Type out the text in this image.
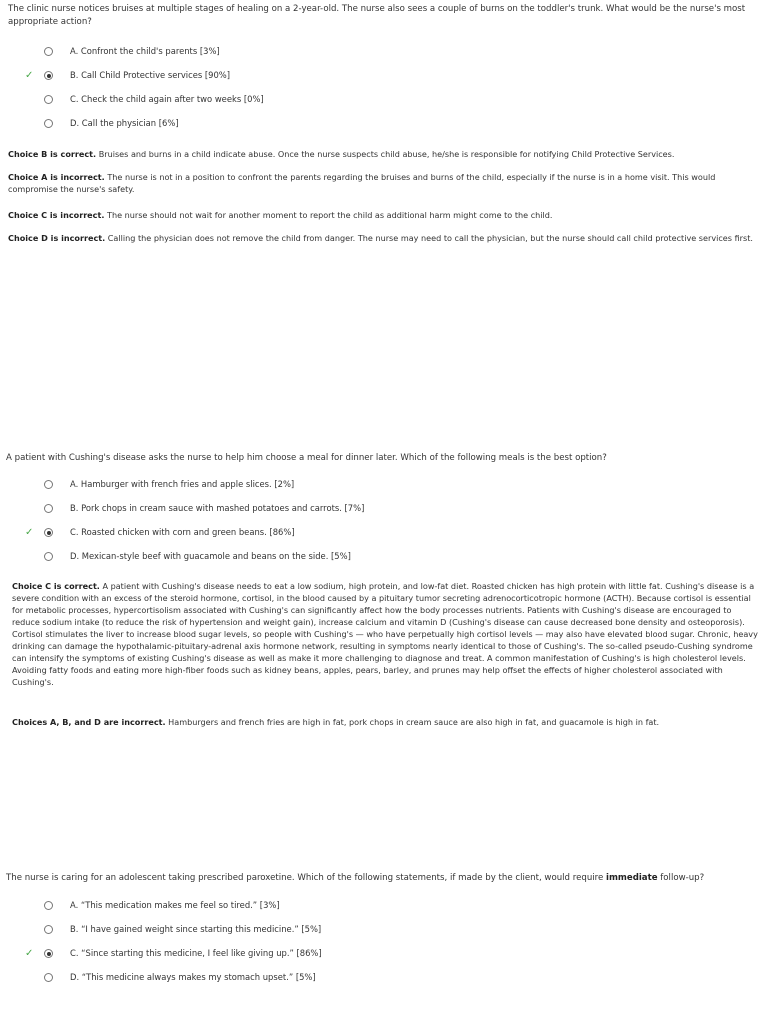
The clinic nurse notices bruises at multiple stages of healing on a 2-year-old. The nurse also sees a couple of burns on the toddler's trunk. What would be the nurse's most appropriate action?
A. Confront the child's parents [3%]
✓	B. Call Child Protective services [90%]
C. Check the child again after two weeks [0%]
D. Call the physician [6%]
Choice B is correct. Bruises and burns in a child indicate abuse. Once the nurse suspects child abuse, he/she is responsible for notifying Child Protective Services.
Choice A is incorrect. The nurse is not in a position to confront the parents regarding the bruises and burns of the child, especially if the nurse is in a home visit. This would compromise the nurse's safety.
Choice C is incorrect. The nurse should not wait for another moment to report the child as additional harm might come to the child.
Choice D is incorrect. Calling the physician does not remove the child from danger. The nurse may need to call the physician, but the nurse should call child protective services first.
A patient with Cushing's disease asks the nurse to help him choose a meal for dinner later. Which of the following meals is the best option?
A. Hamburger with french fries and apple slices. [2%]
B. Pork chops in cream sauce with mashed potatoes and carrots. [7%]
✓	C. Roasted chicken with corn and green beans. [86%]
D. Mexican-style beef with guacamole and beans on the side. [5%]
Choice C is correct. A patient with Cushing's disease needs to eat a low sodium, high protein, and low-fat diet. Roasted chicken has high protein with little fat. Cushing's disease is a severe condition with an excess of the steroid hormone, cortisol, in the blood caused by a pituitary tumor secreting adrenocorticotropic hormone (ACTH). Because cortisol is essential for metabolic processes, hypercortisolism associated with Cushing's can significantly affect how the body processes nutrients. Patients with Cushing's disease are encouraged to reduce sodium intake (to reduce the risk of hypertension and weight gain), increase calcium and vitamin D (Cushing's disease can cause decreased bone density and osteoporosis). Cortisol stimulates the liver to increase blood sugar levels, so people with Cushing's — who have perpetually high cortisol levels — may also have elevated blood sugar. Chronic, heavy drinking can damage the hypothalamic-pituitary-adrenal axis hormone network, resulting in symptoms nearly identical to those of Cushing's. The so-called pseudo-Cushing syndrome can intensify the symptoms of existing Cushing's disease as well as make it more challenging to diagnose and treat. A common manifestation of Cushing's is high cholesterol levels. Avoiding fatty foods and eating more high-fiber foods such as kidney beans, apples, pears, barley, and prunes may help offset the effects of higher cholesterol associated with Cushing's.
Choices A, B, and D are incorrect. Hamburgers and french fries are high in fat, pork chops in cream sauce are also high in fat, and guacamole is high in fat.
The nurse is caring for an adolescent taking prescribed paroxetine. Which of the following statements, if made by the client, would require immediate follow-up?
A. “This medication makes me feel so tired.” [3%]
B. “I have gained weight since starting this medicine.” [5%]
✓	C. “Since starting this medicine, I feel like giving up.” [86%]
D. “This medicine always makes my stomach upset.” [5%]
